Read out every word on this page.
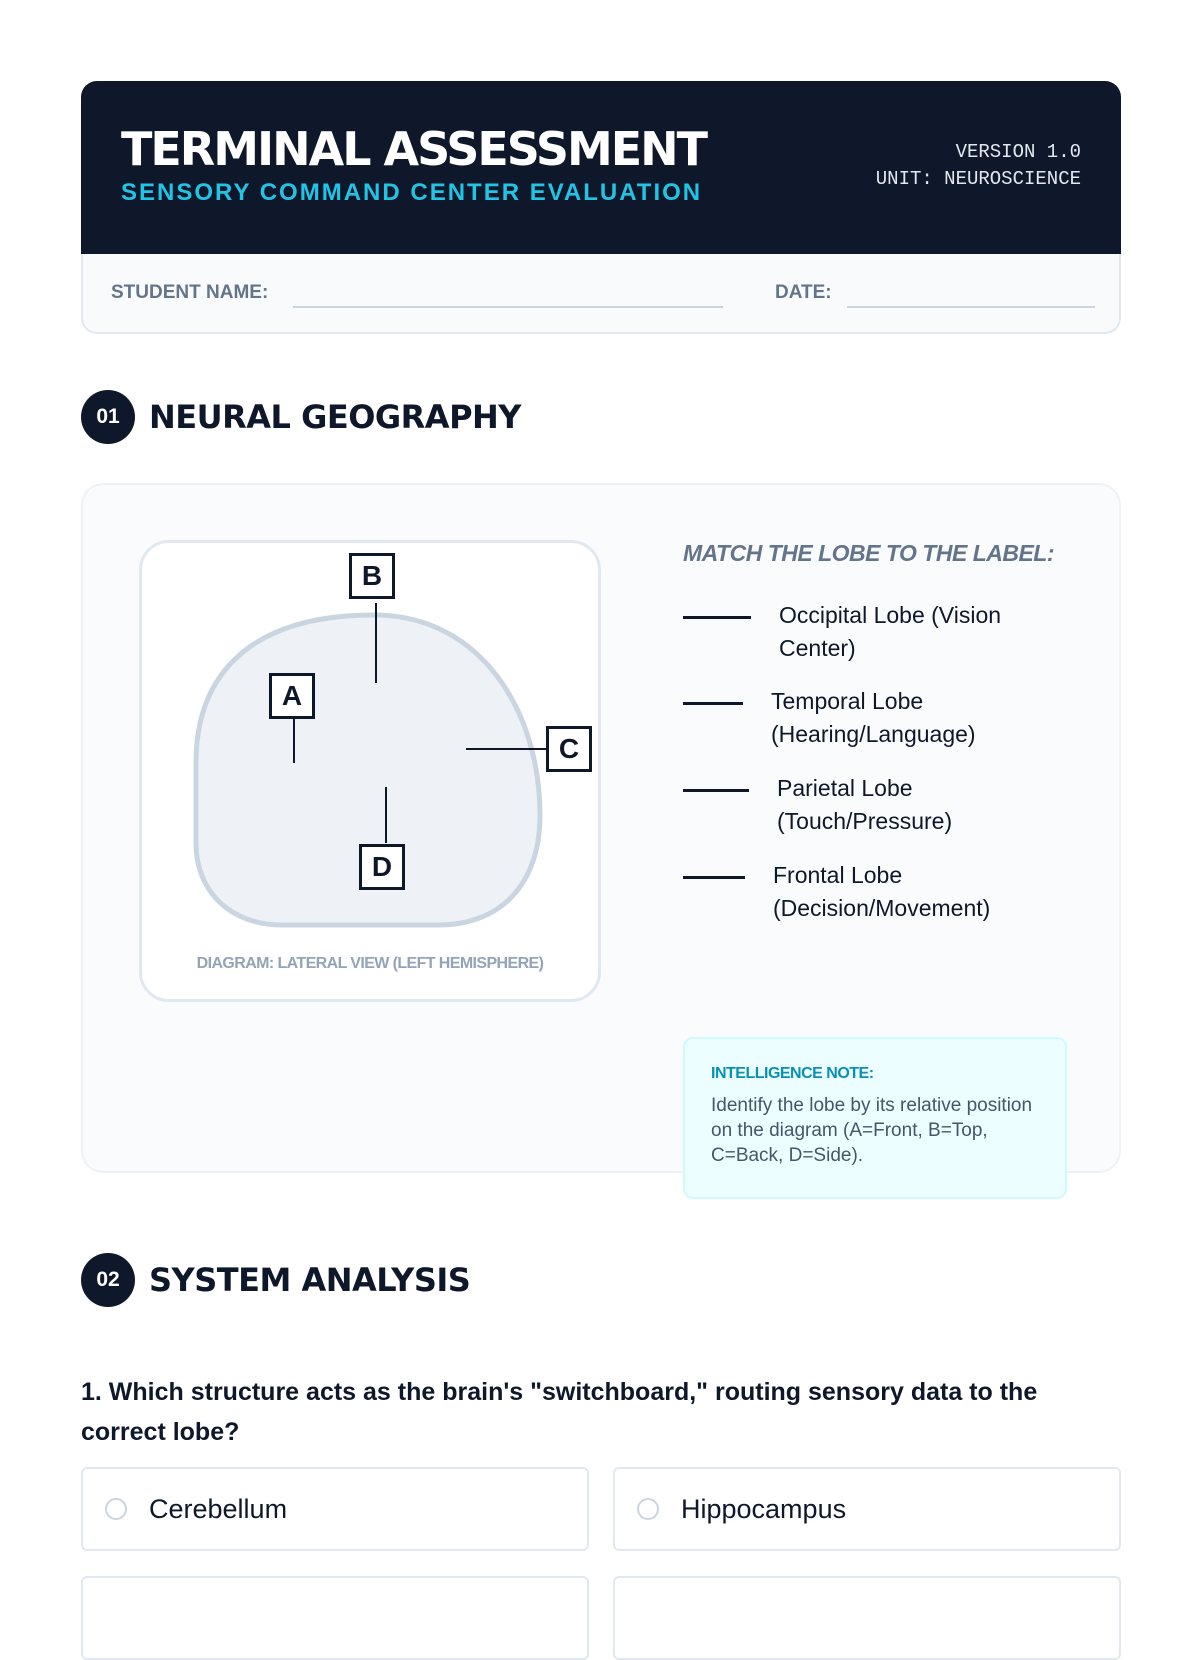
TERMINAL ASSESSMENT
SENSORY COMMAND CENTER EVALUATION
VERSION 1.0
UNIT: NEUROSCIENCE
STUDENT NAME:	DATE:
01 NEURAL GEOGRAPHY
A
B
C
D
DIAGRAM: LATERAL VIEW (LEFT HEMISPHERE)
MATCH THE LOBE TO THE LABEL:
Occipital Lobe (Vision Center)
Temporal Lobe (Hearing/Language)
Parietal Lobe (Touch/Pressure)
Frontal Lobe (Decision/Movement)
INTELLIGENCE NOTE:
Identify the lobe by its relative position on the diagram (A=Front, B=Top, C=Back, D=Side).
02 SYSTEM ANALYSIS
1. Which structure acts as the brain's "switchboard," routing sensory data to the correct lobe?
Cerebellum	Hippocampus
